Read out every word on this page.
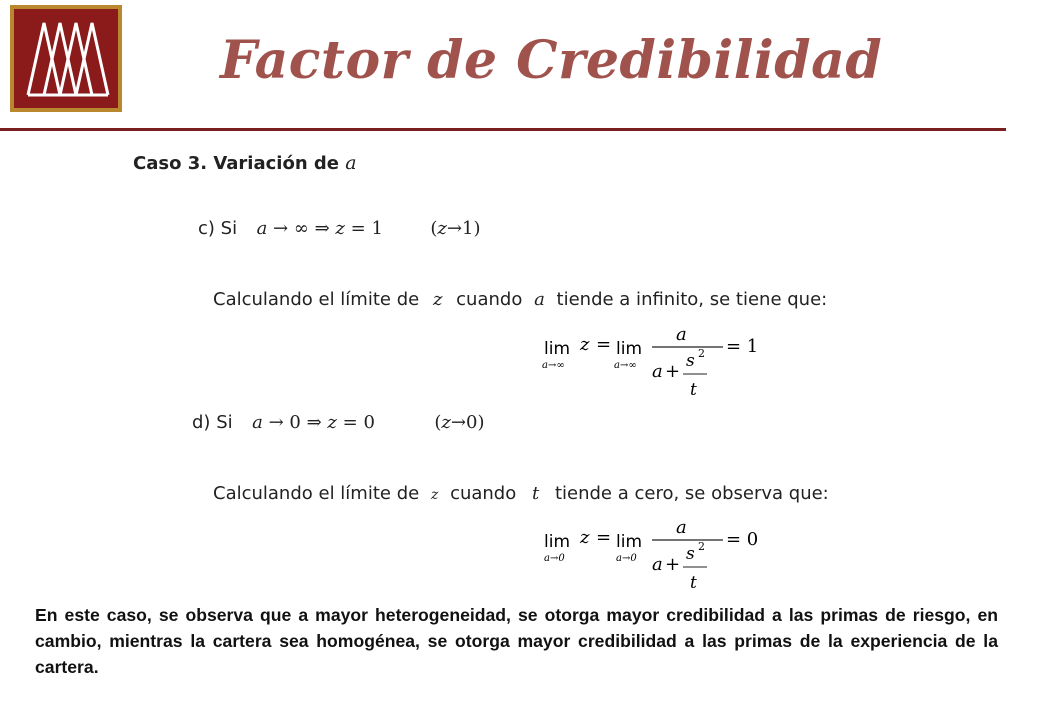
Factor de Credibilidad
Caso 3. Variación de a
c) Si a → ∞ ⇒ z = 1	(z→1)
Calculando el límite de z cuando a tiende a infinito, se tiene que:
lim
a→∞
z = lim
a→∞
a
a + s 2
t
= 1
d) Si a → 0 ⇒ z = 0	(z→0)
Calculando el límite de z cuando t tiende a cero, se observa que:
lim
a→0
z = lim
a→0
a
a + s 2
t
= 0
En este caso, se observa que a mayor heterogeneidad, se otorga mayor credibilidad a las primas de riesgo, en cambio, mientras la cartera sea homogénea, se otorga mayor credibilidad a las primas de la experiencia de la cartera.
